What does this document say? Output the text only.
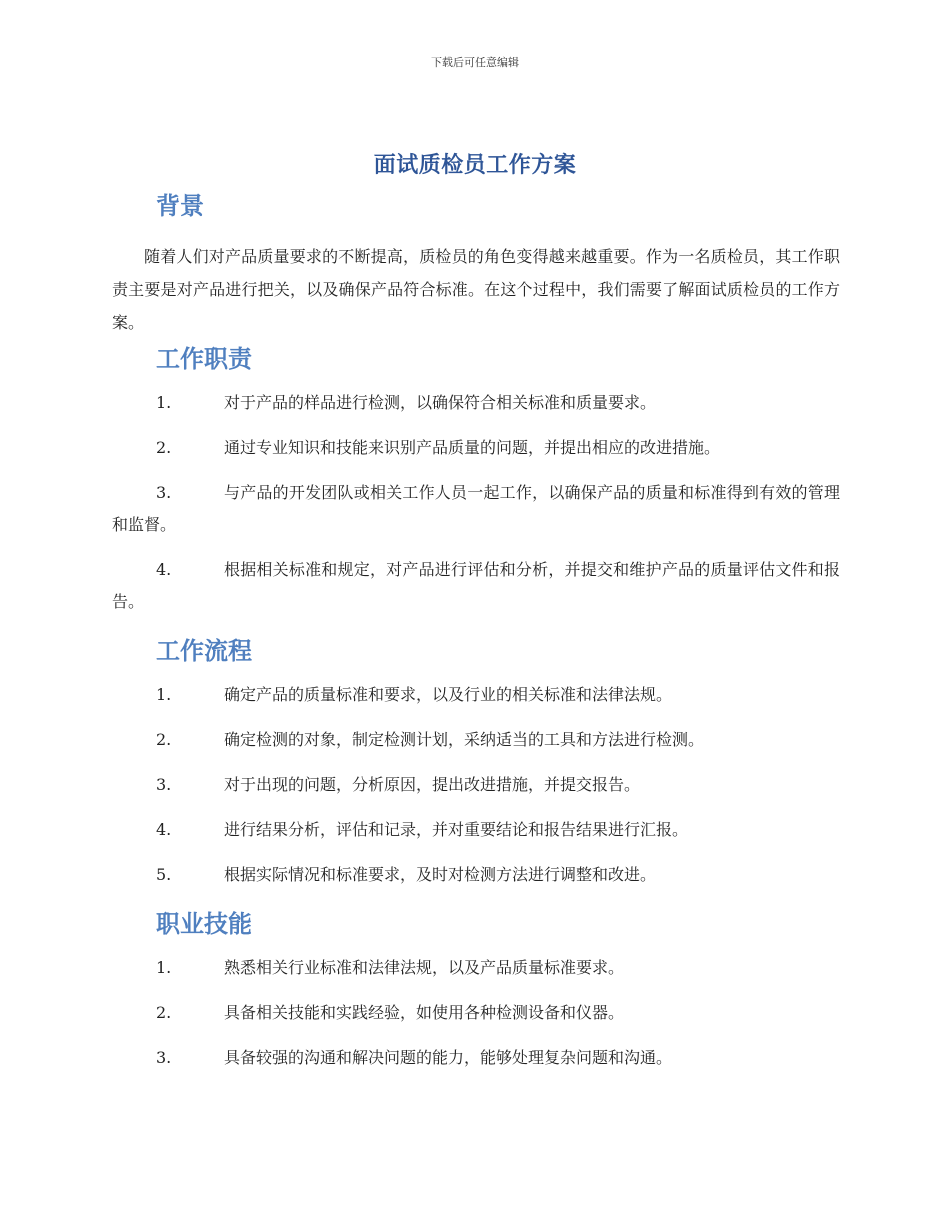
下载后可任意编辑
面试质检员工作方案
背景

随着人们对产品质量要求的不断提高，质检员的角色变得越来越重要。作为一名质检员，其工作职责主要是对产品进行把关，以及确保产品符合标准。在这个过程中，我们需要了解面试质检员的工作方案。

工作职责
1.	对于产品的样品进行检测，以确保符合相关标准和质量要求。
2.	通过专业知识和技能来识别产品质量的问题，并提出相应的改进措施。
3.	与产品的开发团队或相关工作人员一起工作，以确保产品的质量和标准得到有效的管理和监督。
4.	根据相关标准和规定，对产品进行评估和分析，并提交和维护产品的质量评估文件和报告。
工作流程
1.	确定产品的质量标准和要求，以及行业的相关标准和法律法规。
2.	确定检测的对象，制定检测计划，采纳适当的工具和方法进行检测。
3.	对于出现的问题，分析原因，提出改进措施，并提交报告。
4.	进行结果分析，评估和记录，并对重要结论和报告结果进行汇报。
5.	根据实际情况和标准要求，及时对检测方法进行调整和改进。
职业技能
1.	熟悉相关行业标准和法律法规，以及产品质量标准要求。
2.	具备相关技能和实践经验，如使用各种检测设备和仪器。
3.	具备较强的沟通和解决问题的能力，能够处理复杂问题和沟通。
